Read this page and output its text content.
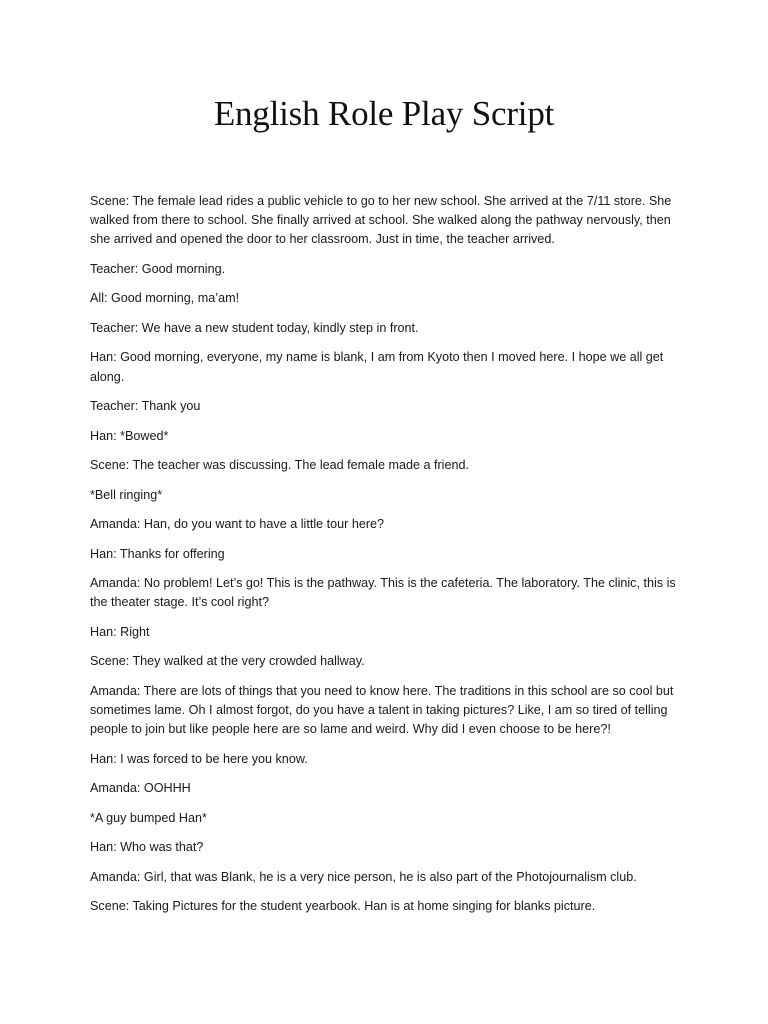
English Role Play Script

Scene: The female lead rides a public vehicle to go to her new school. She arrived at the 7/11 store. She walked from there to school. She finally arrived at school. She walked along the pathway nervously, then she arrived and opened the door to her classroom. Just in time, the teacher arrived.

Teacher: Good morning.

All: Good morning, ma’am!

Teacher: We have a new student today, kindly step in front.

Han: Good morning, everyone, my name is blank, I am from Kyoto then I moved here. I hope we all get along.

Teacher: Thank you

Han: *Bowed*

Scene: The teacher was discussing. The lead female made a friend.

*Bell ringing*

Amanda: Han, do you want to have a little tour here?

Han: Thanks for offering

Amanda: No problem! Let’s go! This is the pathway. This is the cafeteria. The laboratory. The clinic, this is the theater stage. It’s cool right?

Han: Right

Scene: They walked at the very crowded hallway.

Amanda: There are lots of things that you need to know here. The traditions in this school are so cool but sometimes lame. Oh I almost forgot, do you have a talent in taking pictures? Like, I am so tired of telling people to join but like people here are so lame and weird. Why did I even choose to be here?!

Han: I was forced to be here you know.

Amanda: OOHHH

*A guy bumped Han*

Han: Who was that?

Amanda: Girl, that was Blank, he is a very nice person, he is also part of the Photojournalism club.

Scene: Taking Pictures for the student yearbook. Han is at home singing for blanks picture.
